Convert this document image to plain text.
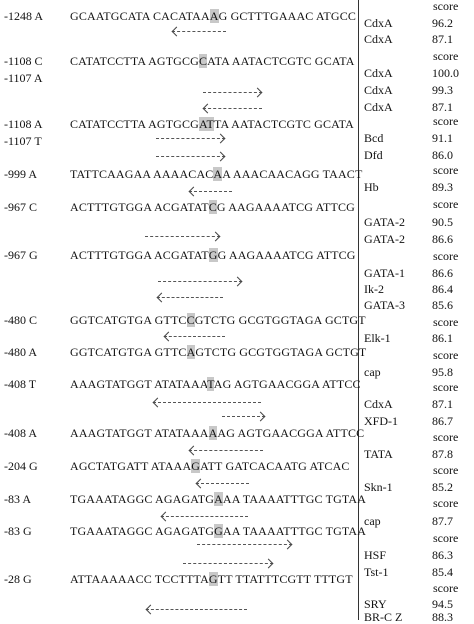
-1248 A GCAATGCATA CACATAAAG GCTTTGAAAC ATGCC
-1108 C CATATCCTTA AGTGCGCATA AATACTCGTC GCATA
-1107 A
-1108 A CATATCCTTA AGTGCGATTA AATACTCGTC GCATA
-1107 T
-999 A	TATTCAAGAA AAAACACAA AAACAACAGG TAACT
-967 C	ACTTTGTGGA ACGATATCG AAGAAAATCG ATTCG
-967 G	ACTTTGTGGA ACGATATGG AAGAAAATCG ATTCG
-480 C	GGTCATGTGA GTTCCGTCTG GCGTGGTAGA GCTGT
-480 A	GGTCATGTGA GTTCAGTCTG GCGTGGTAGA GCTGT
-408 T	AAAGTATGGT ATATAAATAG AGTGAACGGA ATTCC
-408 A	AAAGTATGGT ATATAAAAAG AGTGAACGGA ATTCC
-204 G	AGCTATGATT ATAAAGATT GATCACAATG ATCAC
-83 A	TGAAATAGGC AGAGATGAAA TAAAATTTGC TGTAA
-83 G	TGAAATAGGC AGAGATGGAA TAAAATTTGC TGTAA
-28 G	ATTAAAAACC TCCTTTAGTT TTATTTCGTT TTTGT
score
CdxA	96.2
CdxA	87.1
score
CdxA	100.0
CdxA	99.3
CdxA	87.1
score
Bcd	91.1
Dfd	86.0
score
Hb	89.3
score
GATA-2 90.5
GATA-2 86.6
score
GATA-1 86.6
Ik-2	86.4
GATA-3 85.6
score
Elk-1	86.1
score
cap	95.8
score
CdxA	87.1
XFD-1	86.7
score
TATA	87.8
score
Skn-1	85.2
score
cap	87.7
score
HSF	86.3
Tst-1	85.4
score
SRY	94.5
BR-C Z 88.3
